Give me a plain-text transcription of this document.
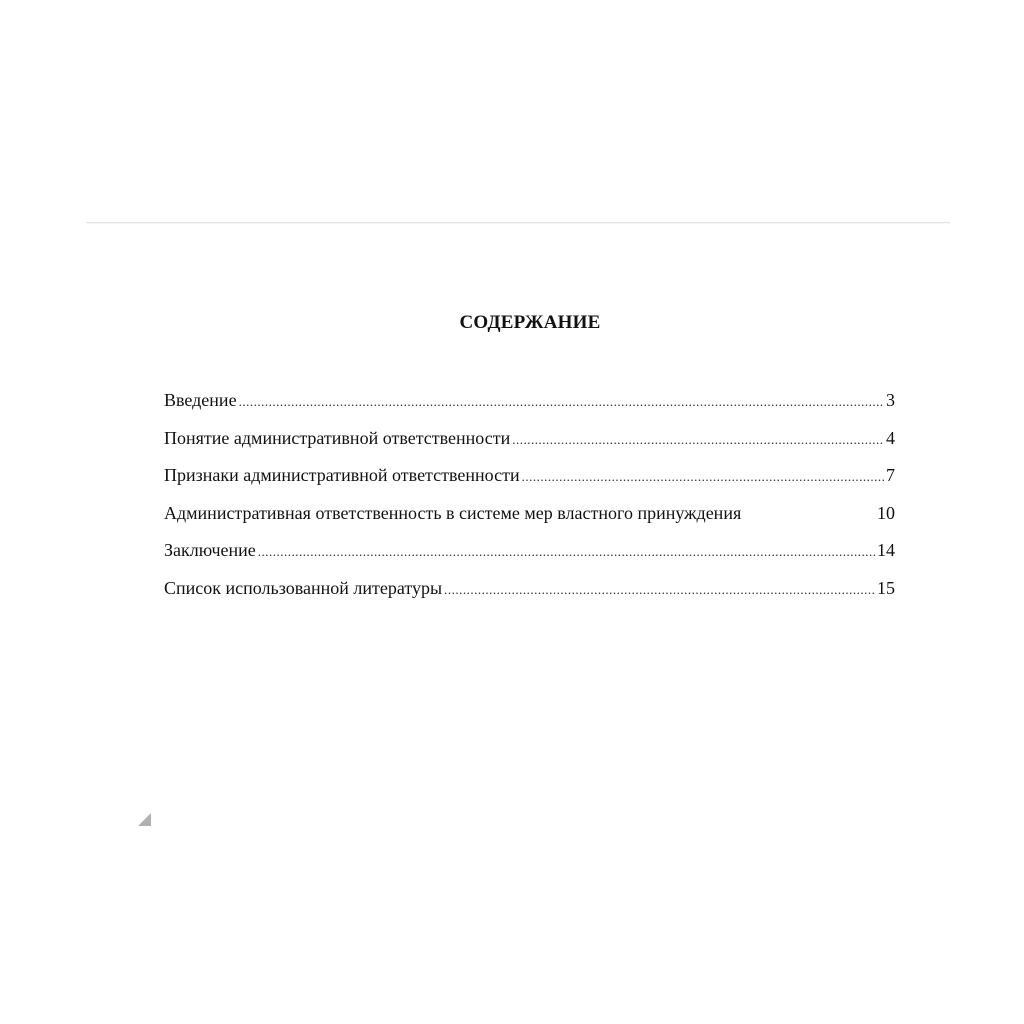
СОДЕРЖАНИЕ
Введение .....	3
Понятие административной ответственности .....	4
Признаки административной ответственности .....	7
Административная ответственность в системе мер властного принуждения	10
Заключение .....	14
Список использованной литературы .....	15
